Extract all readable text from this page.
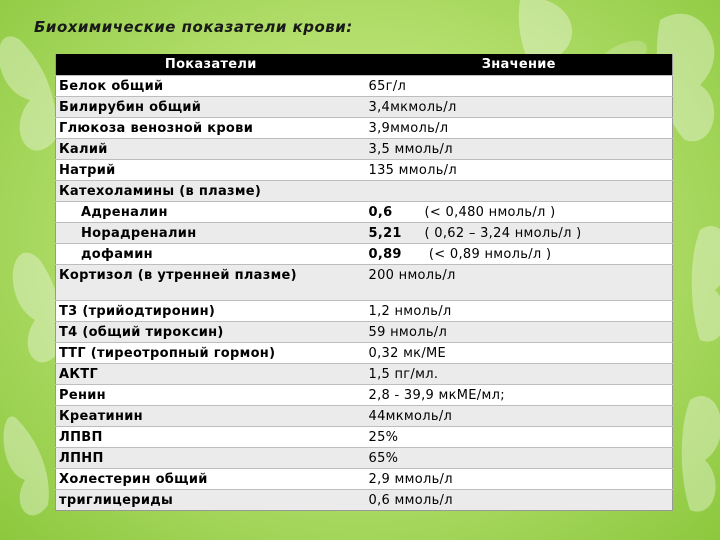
Биохимические показатели крови:
Показатели	Значение
Белок общий	65г/л
Билирубин общий	3,4мкмоль/л
Глюкоза венозной крови	3,9ммоль/л
Калий	3,5 ммоль/л
Натрий	135 ммоль/л
Катехоламины (в плазме)	
Адреналин	0,6 (< 0,480 нмоль/л )
Норадреналин	5,21 ( 0,62 – 3,24 нмоль/л )
дофамин	0,89 (< 0,89 нмоль/л )
Кортизол (в утренней плазме)	200 нмоль/л
Т3 (трийодтиронин)	1,2 нмоль/л
Т4 (общий тироксин)	59 нмоль/л
ТТГ (тиреотропный гормон)	0,32 мк/МЕ
АКТГ	1,5 пг/мл.
Ренин	2,8 - 39,9 мкМЕ/мл;
Креатинин	44мкмоль/л
ЛПВП	25%
ЛПНП	65%
Холестерин общий	2,9 ммоль/л
триглицериды	0,6 ммоль/л
